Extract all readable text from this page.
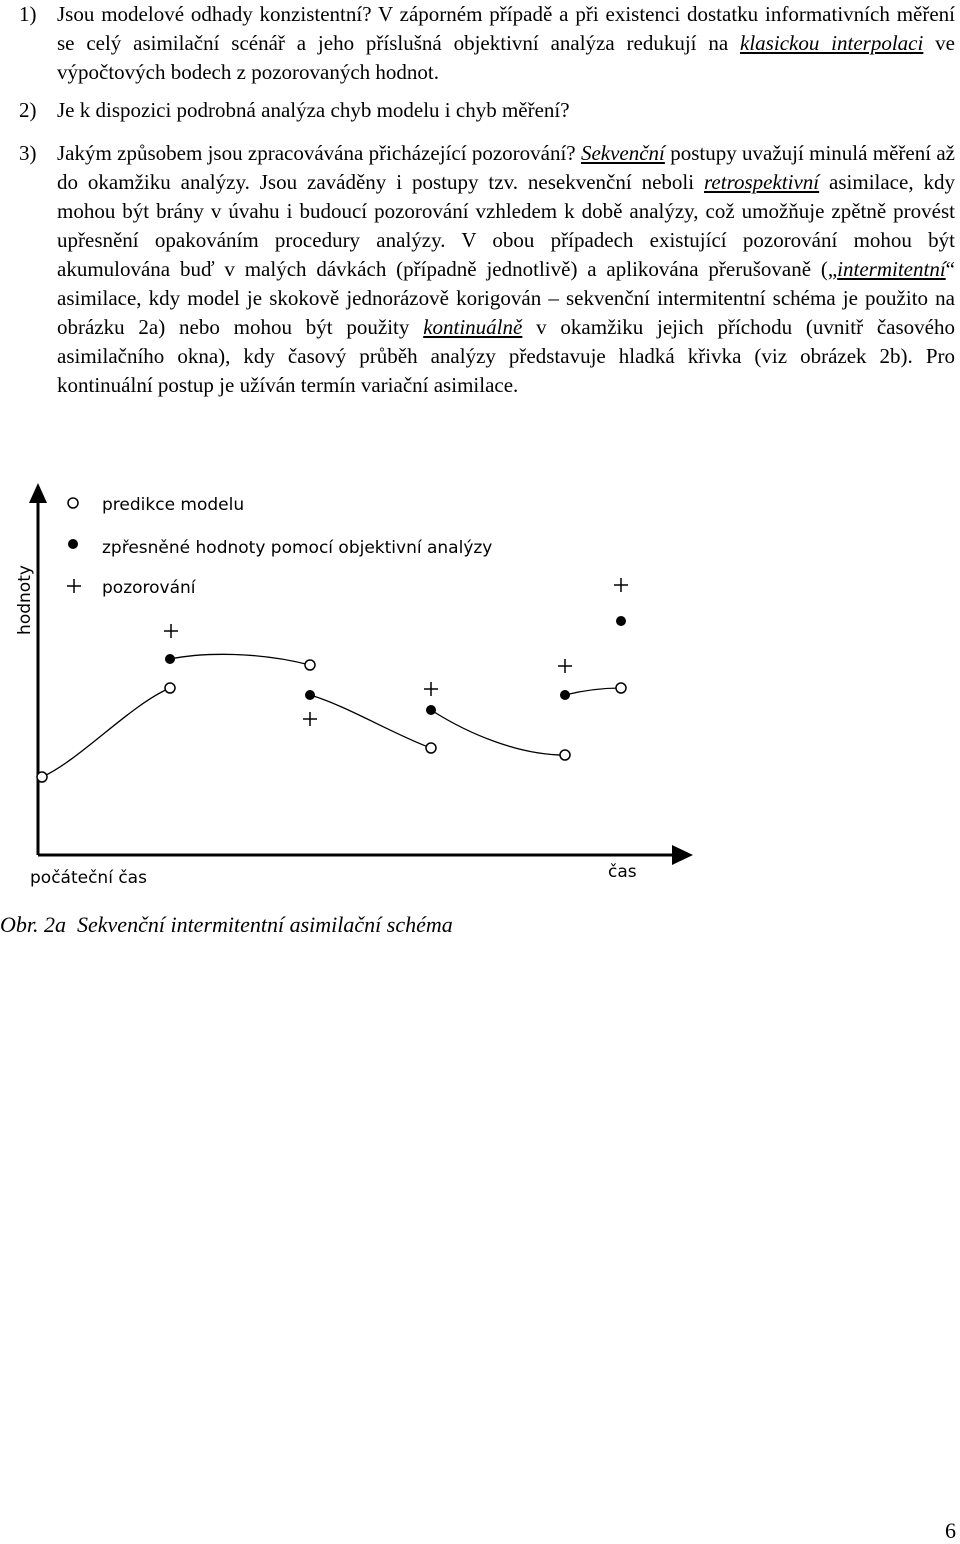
1) Jsou modelové odhady konzistentní? V záporném případě a při existenci dostatku informativních měření se celý asimilační scénář a jeho příslušná objektivní analýza redukují na klasickou interpolaci ve výpočtových bodech z pozorovaných hodnot.

2) Je k dispozici podrobná analýza chyb modelu i chyb měření?

3) Jakým způsobem jsou zpracovávána přicházející pozorování? Sekvenční postupy uvažují minulá měření až do okamžiku analýzy. Jsou zaváděny i postupy tzv. nesekvenční neboli retrospektivní asimilace, kdy mohou být brány v úvahu i budoucí pozorování vzhledem k době analýzy, což umožňuje zpětně provést upřesnění opakováním procedury analýzy. V obou případech existující pozorování mohou být akumulována buď v malých dávkách (případně jednotlivě) a aplikována přerušovaně („intermitentní“ asimilace, kdy model je skokově jednorázově korigován – sekvenční intermitentní schéma je použito na obrázku 2a) nebo mohou být použity kontinuálně v okamžiku jejich příchodu (uvnitř časového asimilačního okna), kdy časový průběh analýzy představuje hladká křivka (viz obrázek 2b). Pro kontinuální postup je užíván termín variační asimilace.

hodnoty
čas
počáteční čas
predikce modelu
zpřesněné hodnoty pomocí objektivní analýzy
pozorování
Obr. 2a Sekvenční intermitentní asimilační schéma
6
